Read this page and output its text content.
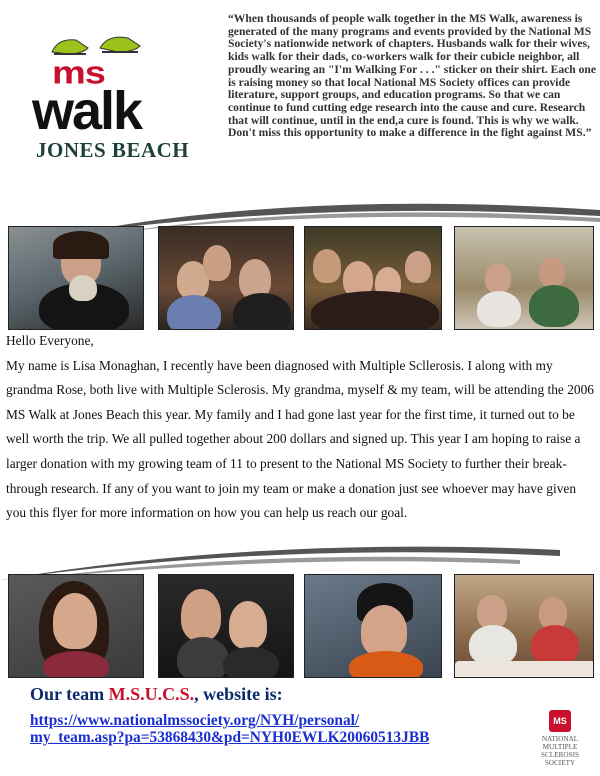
ms
walk
JONES BEACH
“When thousands of people walk together in the MS Walk, awareness is generated of the many programs and events provided by the National MS Society's nationwide network of chapters. Husbands walk for their wives, kids walk for their dads, co-workers walk for their cubicle neighbor, all proudly wearing an "I'm Walking For . . ." sticker on their shirt. Each one is raising money so that local National MS Society offices can provide literature, support groups, and education programs. So that we can continue to fund cutting edge research into the cause and cure. Research that will continue, until in the end,a cure is found. This is why we walk.
Don't miss this opportunity to make a difference in the fight against MS.”

Hello Everyone,

My name is Lisa Monaghan, I recently have been diagnosed with Multiple Scllerosis. I along with my grandma Rose, both live with Multiple Sclerosis. My grandma, myself & my team, will be attending the 2006 MS Walk at Jones Beach this year. My family and I had gone last year for the first time, it turned out to be well worth the trip. We all pulled together about 200 dollars and signed up. This year I am hoping to raise a larger donation with my growing team of 11 to present to the National MS Society to further their break-through research. If any of you want to join my team or make a donation just see whoever may have given you this flyer for more information on how you can help us reach our goal.

Our team M.S.U.C.S., website is:
https://www.nationalmssociety.org/NYH/personal/
my_team.asp?pa=53868430&pd=NYH0EWLK20060513JBB
MS
NATIONAL
MULTIPLE SCLEROSIS
SOCIETY
